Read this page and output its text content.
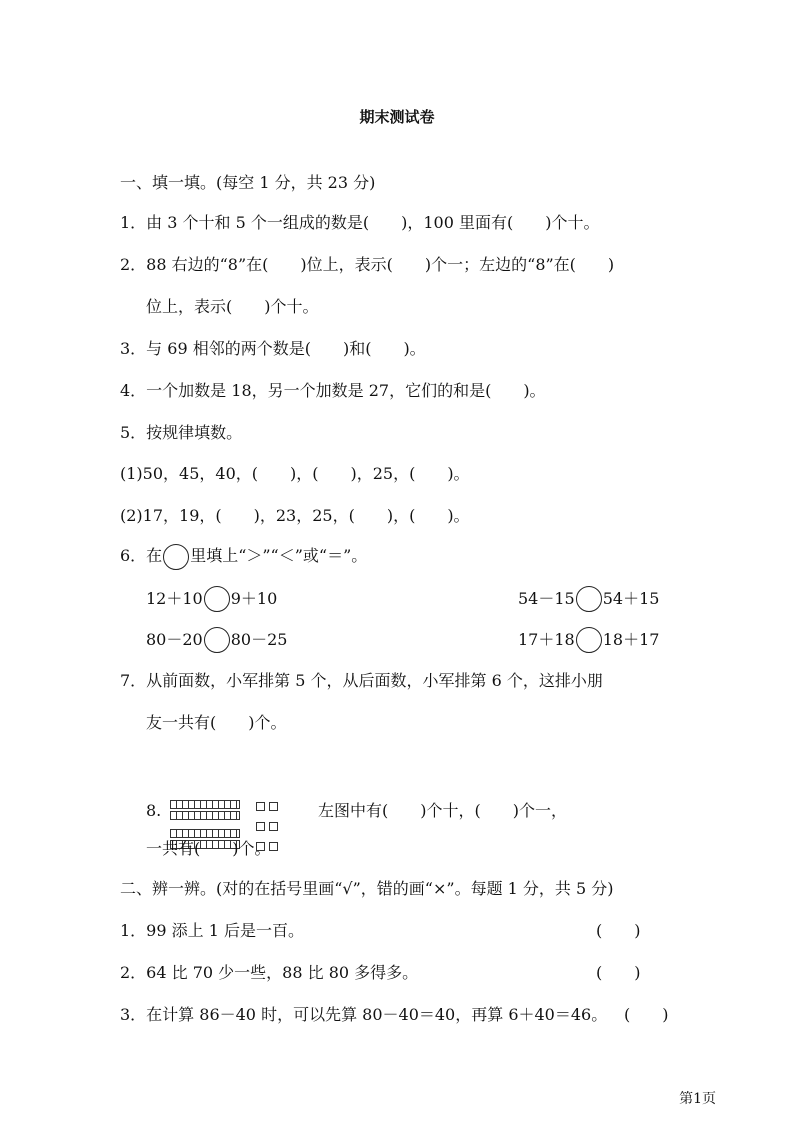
期末测试卷
一、填一填。(每空 1 分，共 23 分)
1．由 3 个十和 5 个一组成的数是(　　)，100 里面有(　　)个十。
2．88 右边的“8”在(　　)位上，表示(　　)个一；左边的“8”在(　　)
位上，表示(　　)个十。
3．与 69 相邻的两个数是(　　)和(　　)。
4．一个加数是 18，另一个加数是 27，它们的和是(　　)。
5．按规律填数。
(1)50，45，40，(　　)，(　　)，25，(　　)。
(2)17，19，(　　)，23，25，(　　)，(　　)。
6．在 里填上“＞”“＜”或“＝”。
12＋10 9＋10	54－15 54＋15
80－20 80－25	17＋18 18＋17
7．从前面数，小军排第 5 个，从后面数，小军排第 6 个，这排小朋
友一共有(　　)个。
8.	左图中有(　　)个十，(　　)个一，
一共有(　　)个。
二、辨一辨。(对的在括号里画“√”，错的画“×”。每题 1 分，共 5 分)
1．99 添上 1 后是一百。	(　　)
2．64 比 70 少一些，88 比 80 多得多。	(　　)
3．在计算 86－40 时，可以先算 80－40＝40，再算 6＋40＝46。 (　　)
第1页
